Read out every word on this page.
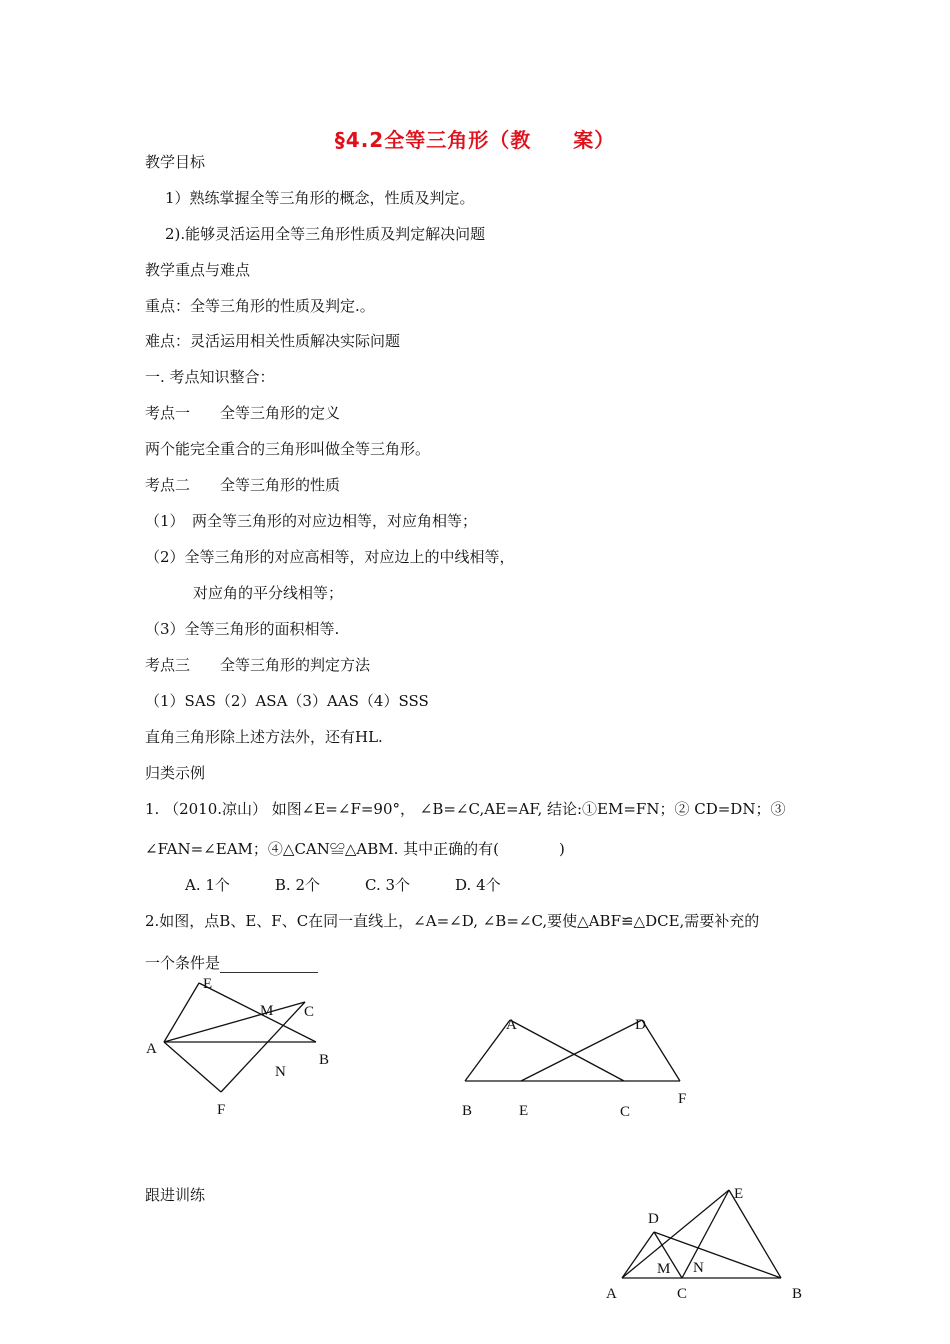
§4.2全等三角形（教　　案）
教学目标
1）熟练掌握全等三角形的概念，性质及判定。
2).能够灵活运用全等三角形性质及判定解决问题
教学重点与难点
重点：全等三角形的性质及判定.。
难点：灵活运用相关性质解决实际问题
一. 考点知识整合：
考点一　　全等三角形的定义
两个能完全重合的三角形叫做全等三角形。
考点二　　全等三角形的性质
（1）　两全等三角形的对应边相等，对应角相等；
（2）全等三角形的对应高相等，对应边上的中线相等，
对应角的平分线相等；
（3）全等三角形的面积相等.
考点三　　全等三角形的判定方法
（1）SAS（2）ASA（3）AAS（4）SSS
直角三角形除上述方法外，还有HL.
归类示例
1. （2010.凉山） 如图∠E=∠F=90°， ∠B=∠C,AE=AF, 结论:①EM=FN；② CD=DN；③
∠FAN=∠EAM；④△CAN≌△ABM. 其中正确的有(　　　　)
A. 1个　　　B. 2个　　　C. 3个　　　D. 4个
2.如图，点B、E、F、C在同一直线上，∠A=∠D, ∠B=∠C,要使△ABF≌△DCE,需要补充的
一个条件是
跟进训练
E
M C
A
B
N
F
A	D
B	E	C
F
E
D
M N
A	C	B
